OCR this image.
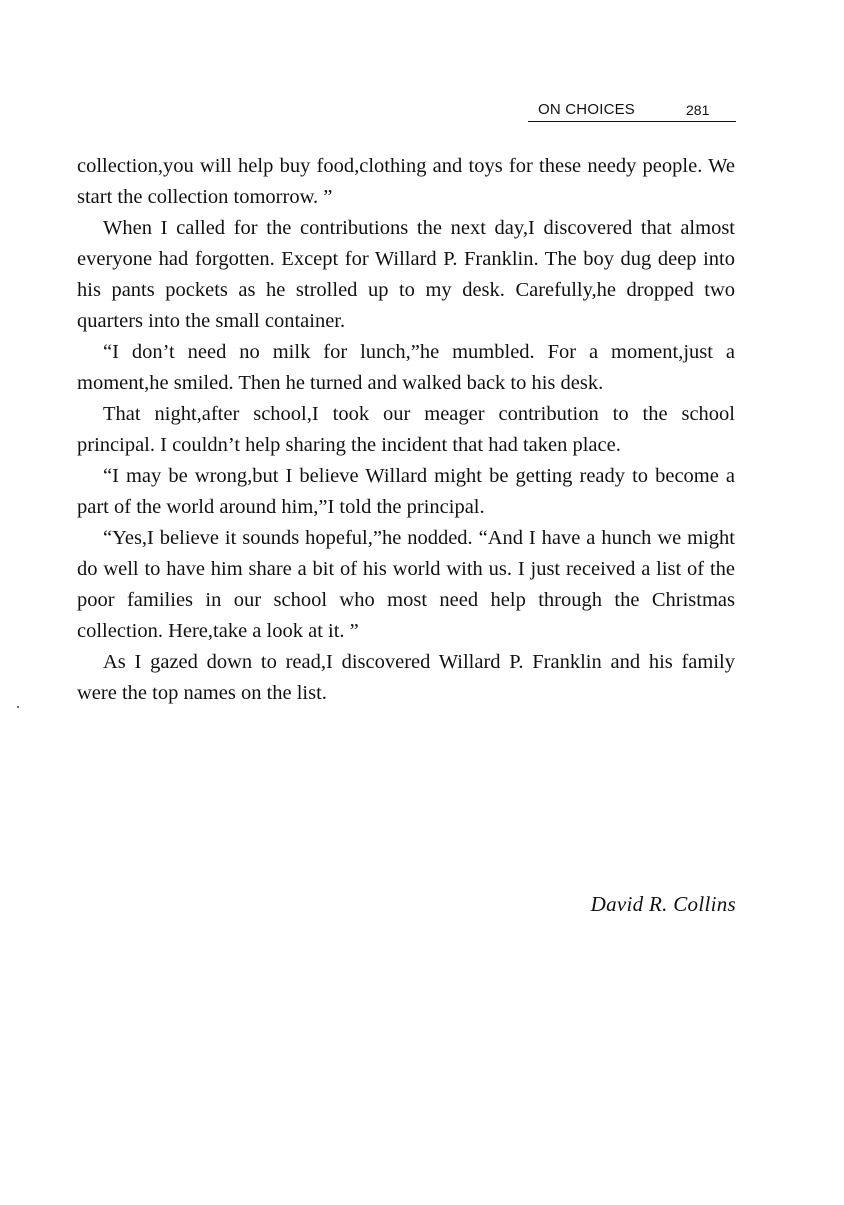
ON CHOICES	281

collection,you will help buy food,clothing and toys for these needy people. We start the collection tomorrow. ”

When I called for the contributions the next day,I discovered that almost everyone had forgotten. Except for Willard P. Franklin. The boy dug deep into his pants pockets as he strolled up to my desk. Carefully,he dropped two quarters into the small container.

“I don’t need no milk for lunch,”he mumbled. For a moment,just a moment,he smiled. Then he turned and walked back to his desk.

That night,after school,I took our meager contribution to the school principal. I couldn’t help sharing the incident that had taken place.

“I may be wrong,but I believe Willard might be getting ready to become a part of the world around him,”I told the principal.

“Yes,I believe it sounds hopeful,”he nodded. “And I have a hunch we might do well to have him share a bit of his world with us. I just received a list of the poor families in our school who most need help through the Christmas collection. Here,take a look at it. ”

As I gazed down to read,I discovered Willard P. Franklin and his family were the top names on the list.

David R. Collins
